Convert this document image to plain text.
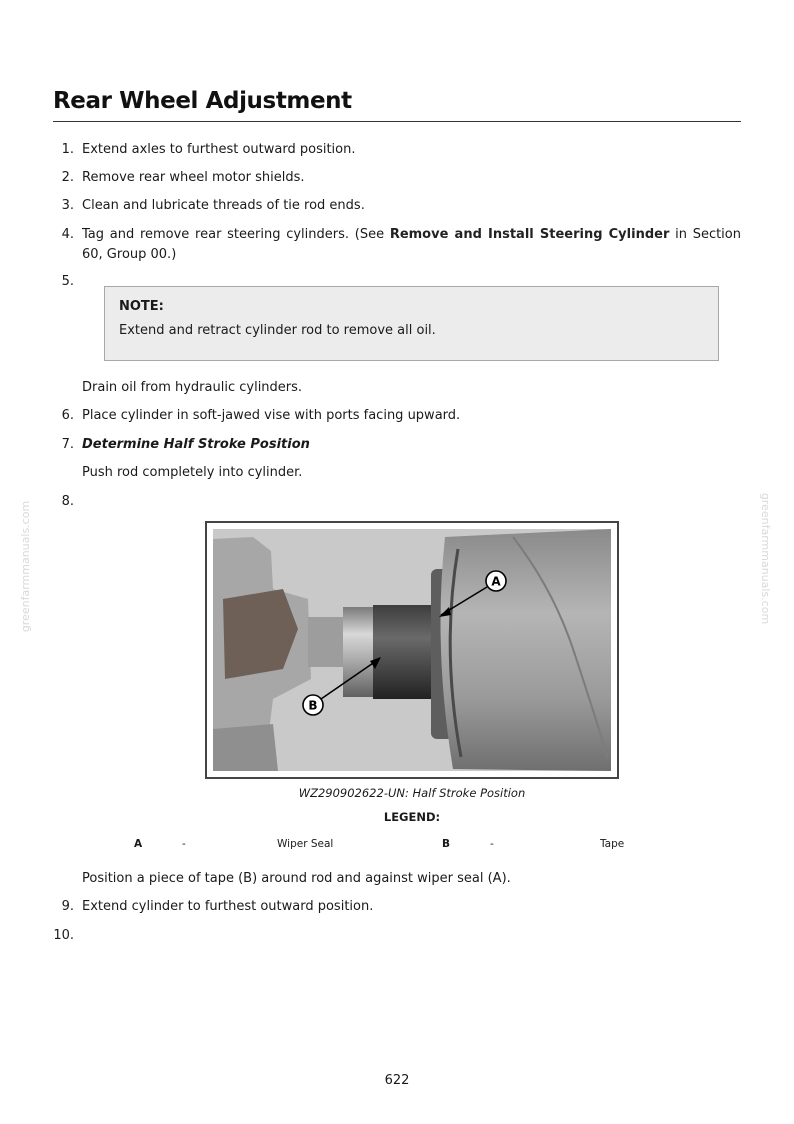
Rear Wheel Adjustment
1. Extend axles to furthest outward position.
2. Remove rear wheel motor shields.
3. Clean and lubricate threads of tie rod ends.
4. Tag and remove rear steering cylinders. (See Remove and Install Steering Cylinder in Section 60, Group 00.)
5.
NOTE:
Extend and retract cylinder rod to remove all oil.
Drain oil from hydraulic cylinders.
6. Place cylinder in soft-jawed vise with ports facing upward.
7. Determine Half Stroke Position
Push rod completely into cylinder.
8.
A
B
WZ290902622-UN: Half Stroke Position
LEGEND:
A	-	Wiper Seal	B	-	Tape
Position a piece of tape (B) around rod and against wiper seal (A).
9. Extend cylinder to furthest outward position.
10.
greenfarmmanuals.com	greenfarmmanuals.com
622
